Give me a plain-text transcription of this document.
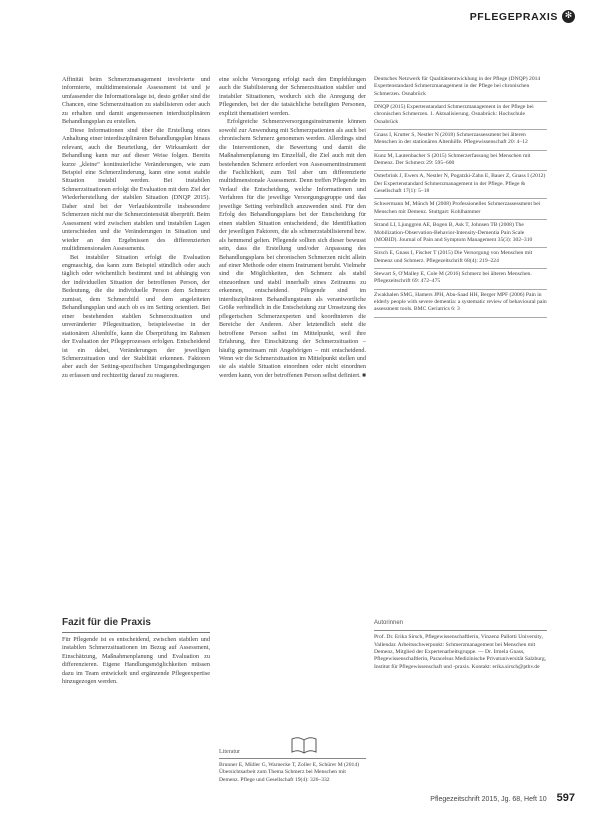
PFLEGEPRAXIS ✻

Affinität beim Schmerzmanagement involvierte und informierte, multidimensionale Assessment ist und je umfassender die Informationslage ist, desto größer sind die Chancen, eine Schmerzsituation zu stabilisieren oder auch zu erhalten und damit angemessenen interdisziplinären Behandlungsplan zu erstellen.

Diese Informationen sind über die Erstellung eines Anhaltung einer interdisziplinären Behandlungsplan hinaus relevant, auch die Beurteilung, der Wirksamkeit der Behandlung kann nur auf dieser Weise folgen. Bereits kurze „kleine“ kontinuierliche Veränderungen, wie zum Beispiel eine Schmerzlinderung, kann eine sonst stabile Situation instabil werden. Bei instabilen Schmerzsituationen erfolgt die Evaluation mit dem Ziel der Wiederherstellung der stabilen Situation (DNQP 2015). Daher sind bei der Verlaufskontrolle insbesondere Schmerzen nicht nur die Schmerzintensität überprüft. Beim Assessment wird zwischen stabilen und instabilen Lagen unterschieden und die Veränderungen in Situation und wieder an den Ergebnissen des differenzierten multidimensionalen Assessments.

Bei instabiler Situation erfolgt die Evaluation engmaschig, das kann zum Beispiel stündlich oder auch täglich oder wöchentlich bestimmt und ist abhängig von der individuellen Situation der betroffenen Person, der Bedeutung, die die individuelle Person dem Schmerz zumisst, dem Schmerzbild und dem angeleiteten Behandlungsplan und auch ob es im Setting orientiert. Bei einer bestehenden stabilen Schmerzsituation und unveränderter Pflegesituation, beispielsweise in der stationären Altenhilfe, kann die Überprüfung im Rahmen der Evaluation der Pflegeprozesses erfolgen. Entscheidend ist ein dabei, Veränderungen der jeweiligen Schmerzsituation und der Stabilität erkennen. Faktoren aber auch der Setting-spezifischen Umgangsbedingungen zu erfassen und rechtzeitig darauf zu reagieren.

Fazit für die Praxis

Für Pflegende ist es entscheidend, zwischen stabilen und instabilen Schmerzsituationen im Bezug auf Assessment, Einschätzung, Maßnahmenplanung und Evaluation zu differenzieren. Eigene Handlungsmöglichkeiten müssen dazu im Team entwickelt und ergänzende Pflegeexpertise hinzugezogen werden.

eine solche Versorgung erfolgt nach den Empfehlungen auch die Stabilisierung der Schmerzsituation stabiler und instabiler Situationen, wodurch sich die Anregung der Pflegenden, bei der die tatsächliche beteiligten Personen, explizit thematisiert werden.

Erfolgreiche Schmerzversorgungsinstrumente können sowohl zur Anwendung mit Schmerzpatienten als auch bei chronischem Schmerz genommen werden. Allerdings sind die Interventionen, die Bewertung und damit die Maßnahmenplanung im Einzelfall, die Ziel auch mit den bestehenden Schmerz erfordert von Assessmentinstrument die Fachlichkeit, zum Teil aber um differenzierte multidimensionale Assessment. Denn treffen Pflegende im Verlauf die Entscheidung, welche Informationen und Verfahren für die jeweilige Versorgungsgruppe und das jeweilige Setting verbindlich anzuwenden sind. Für den Erfolg des Behandlungsplans bei der Entscheidung für einen stabilen Situation entscheidend, die Identifikation der jeweiligen Faktoren, die als schmerzstabilisierend bzw. als hemmend gelten. Pflegende sollten sich dieser bewusst sein, dass die Erstellung und/oder Anpassung des Behandlungsplans bei chronischen Schmerzen nicht allein auf einer Methode oder einem Instrument beruht. Vielmehr sind die Möglichkeiten, den Schmerz als stabil einzuordnen und stabil innerhalb eines Zeitraums zu erkennen, entscheidend. Pflegende sind im interdisziplinären Behandlungsteam als verantwortliche Größe verbindlich in die Entscheidung zur Umsetzung des pflegerischen Schmerzexperten und koordinieren die Bereiche der Anderen. Aber letztendlich steht die betroffene Person selbst im Mittelpunkt, weil ihre Erfahrung, ihre Einschätzung der Schmerzsituation – häufig gemeinsam mit Angehörigen – mit entscheidend. Wenn wir die Schmerzsituation im Mittelpunkt stellen und sie als stabile Situation einordnen oder nicht einordnen werden kann, von der betroffenen Person selbst definiert. ■

Literatur
Brunner E, Müller G, Warnecke T, Zoller E, Schürer M (2014) Übersichtsarbeit zum Thema Schmerz bei Menschen mit Demenz. Pflege und Gesellschaft 19(4): 326–332
Deutsches Netzwerk für Qualitätsentwicklung in der Pflege (DNQP) 2014 Expertenstandard Schmerzmanagement in der Pflege bei chronischen Schmerzen. Osnabrück
DNQP (2015) Expertenstandard Schmerzmanagement in der Pflege bei chronischen Schmerzen. 1. Aktualisierung. Osnabrück: Hochschule Osnabrück
Gnass I, Krutter S, Nestler N (2018) Schmerzassessment bei älteren Menschen in der stationären Altenhilfe. Pflegewissenschaft 20: 4–12
Kunz M, Lautenbacher S (2015) Schmerzerfassung bei Menschen mit Demenz. Der Schmerz 29: 595–600
Osterbrink J, Ewers A, Nestler N, Pogatzki-Zahn E, Bauer Z, Gnass I (2012) Der Expertenstandard Schmerzmanagement in der Pflege. Pflege & Gesellschaft 17(1): 5–18
Schwermann M, Münch M (2008) Professionelles Schmerzassessment bei Menschen mit Demenz. Stuttgart: Kohlhammer
Strand LI, Ljunggren AE, Bogen B, Ask T, Johnsen TB (2008) The Mobilization-Observation-Behavior-Intensity-Dementia Pain Scale (MOBID). Journal of Pain and Symptom Management 35(3): 302–310
Sirsch E, Gnass I, Fischer T (2015) Die Versorgung von Menschen mit Demenz und Schmerz. Pflegezeitschrift 68(4): 219–224
Stewart S, O'Malley E, Cole M (2016) Schmerz bei älteren Menschen. Pflegezeitschrift 69: 472–475
Zwakhalen SMG, Hamers JPH, Abu-Saad HH, Berger MPF (2006) Pain in elderly people with severe dementia: a systematic review of behavioural pain assessment tools. BMC Geriatrics 6: 3
Autorinnen
Prof. Dr. Erika Sirsch, Pflegewissenschaftlerin, Vinzenz Pallotti University, Vallendar. Arbeitsschwerpunkt: Schmerzmanagement bei Menschen mit Demenz, Mitglied der Expertenarbeitsgruppe. — Dr. Irmela Gnass, Pflegewissenschaftlerin, Paracelsus Medizinische Privatuniversität Salzburg, Institut für Pflegewissenschaft und -praxis. Kontakt: erika.sirsch@pthv.de
Pflegezeitschrift 2015, Jg. 68, Heft 10 597
